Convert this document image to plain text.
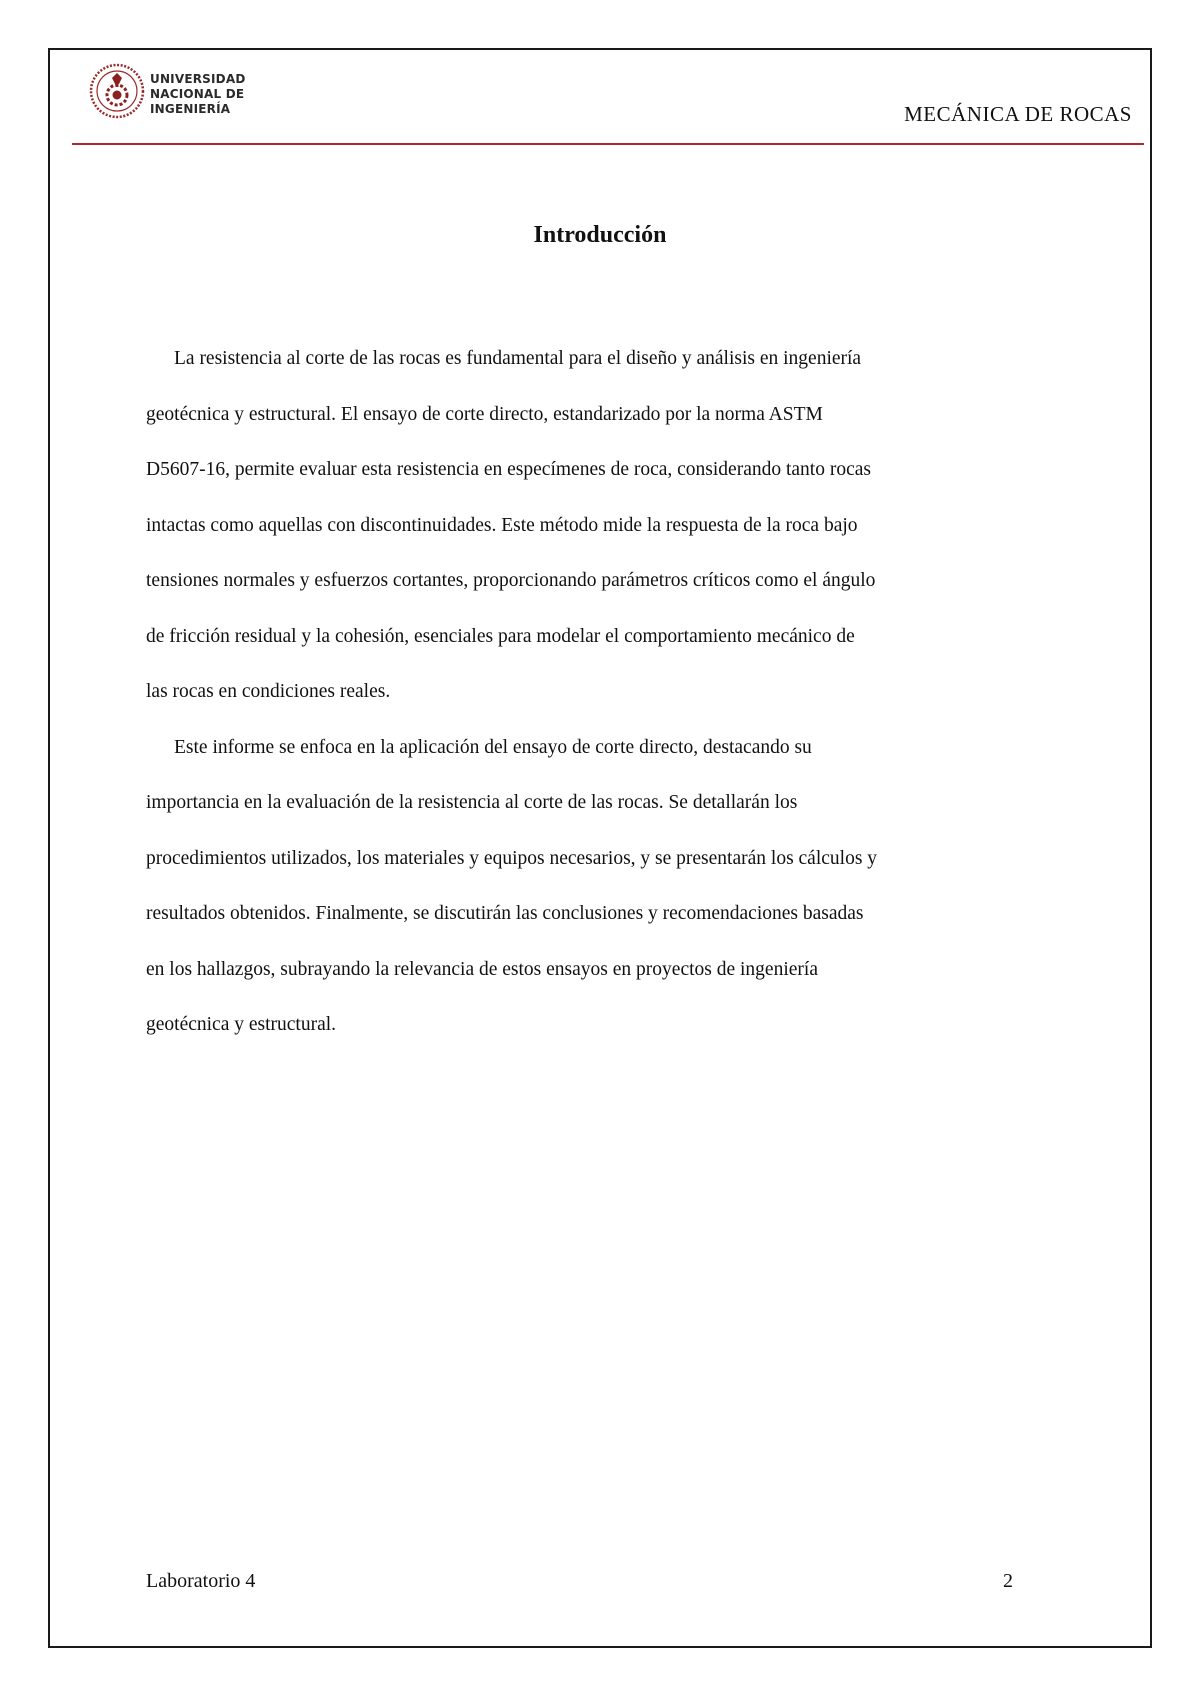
UNIVERSIDAD
NACIONAL DE
INGENIERÍA	MECÁNICA DE ROCAS
Introducción

La resistencia al corte de las rocas es fundamental para el diseño y análisis en ingeniería
geotécnica y estructural. El ensayo de corte directo, estandarizado por la norma ASTM
D5607-16, permite evaluar esta resistencia en especímenes de roca, considerando tanto rocas
intactas como aquellas con discontinuidades. Este método mide la respuesta de la roca bajo
tensiones normales y esfuerzos cortantes, proporcionando parámetros críticos como el ángulo
de fricción residual y la cohesión, esenciales para modelar el comportamiento mecánico de
las rocas en condiciones reales.

Este informe se enfoca en la aplicación del ensayo de corte directo, destacando su
importancia en la evaluación de la resistencia al corte de las rocas. Se detallarán los
procedimientos utilizados, los materiales y equipos necesarios, y se presentarán los cálculos y
resultados obtenidos. Finalmente, se discutirán las conclusiones y recomendaciones basadas
en los hallazgos, subrayando la relevancia de estos ensayos en proyectos de ingeniería
geotécnica y estructural.

Laboratorio 4	2
